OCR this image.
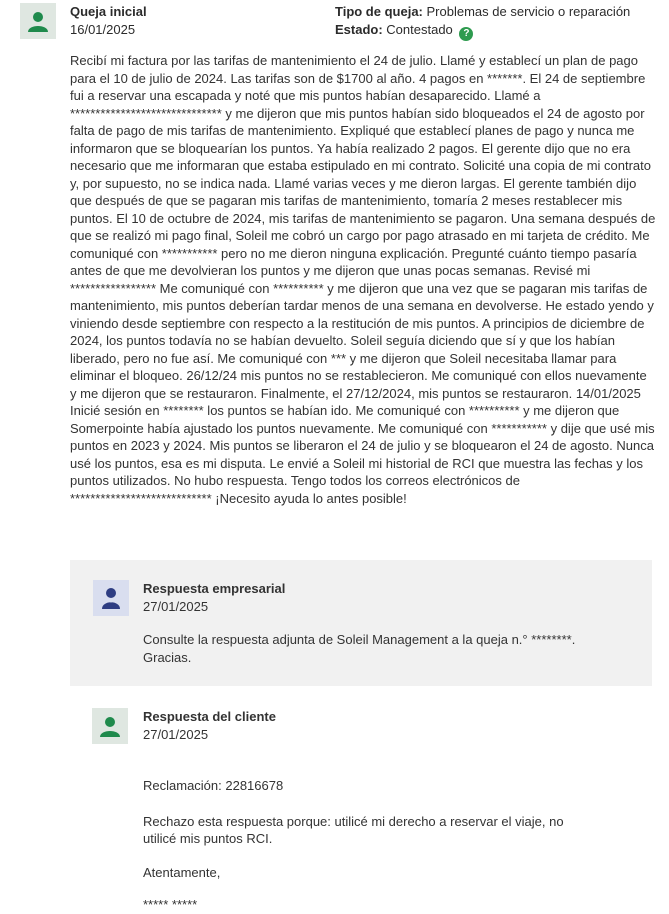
Queja inicial
16/01/2025
Tipo de queja: Problemas de servicio o reparación
Estado: Contestado ?
Recibí mi factura por las tarifas de mantenimiento el 24 de julio. Llamé y establecí un plan de pago para el 10 de julio de 2024. Las tarifas son de $1700 al año. 4 pagos en *******. El 24 de septiembre fui a reservar una escapada y noté que mis puntos habían desaparecido. Llamé a ****************************** y me dijeron que mis puntos habían sido bloqueados el 24 de agosto por falta de pago de mis tarifas de mantenimiento. Expliqué que establecí planes de pago y nunca me informaron que se bloquearían los puntos. Ya había realizado 2 pagos. El gerente dijo que no era necesario que me informaran que estaba estipulado en mi contrato. Solicité una copia de mi contrato y, por supuesto, no se indica nada. Llamé varias veces y me dieron largas. El gerente también dijo que después de que se pagaran mis tarifas de mantenimiento, tomaría 2 meses restablecer mis puntos. El 10 de octubre de 2024, mis tarifas de mantenimiento se pagaron. Una semana después de que se realizó mi pago final, Soleil me cobró un cargo por pago atrasado en mi tarjeta de crédito. Me comuniqué con *********** pero no me dieron ninguna explicación. Pregunté cuánto tiempo pasaría antes de que me devolvieran los puntos y me dijeron que unas pocas semanas. Revisé mi ***************** Me comuniqué con ********** y me dijeron que una vez que se pagaran mis tarifas de mantenimiento, mis puntos deberían tardar menos de una semana en devolverse. He estado yendo y viniendo desde septiembre con respecto a la restitución de mis puntos. A principios de diciembre de 2024, los puntos todavía no se habían devuelto. Soleil seguía diciendo que sí y que los habían liberado, pero no fue así. Me comuniqué con *** y me dijeron que Soleil necesitaba llamar para eliminar el bloqueo. 26/12/24 mis puntos no se restablecieron. Me comuniqué con ellos nuevamente y me dijeron que se restauraron. Finalmente, el 27/12/2024, mis puntos se restauraron. 14/01/2025 Inicié sesión en ******** los puntos se habían ido. Me comuniqué con ********** y me dijeron que Somerpointe había ajustado los puntos nuevamente. Me comuniqué con *********** y dije que usé mis puntos en 2023 y 2024. Mis puntos se liberaron el 24 de julio y se bloquearon el 24 de agosto. Nunca usé los puntos, esa es mi disputa. Le envié a Soleil mi historial de RCI que muestra las fechas y los puntos utilizados. No hubo respuesta. Tengo todos los correos electrónicos de **************************** ¡Necesito ayuda lo antes posible!
Respuesta empresarial
27/01/2025
Consulte la respuesta adjunta de Soleil Management a la queja n.° ********.
Gracias.
Respuesta del cliente
27/01/2025
Reclamación: 22816678
Rechazo esta respuesta porque: utilicé mi derecho a reservar el viaje, no
utilicé mis puntos RCI.
Atentamente,
***** *****
